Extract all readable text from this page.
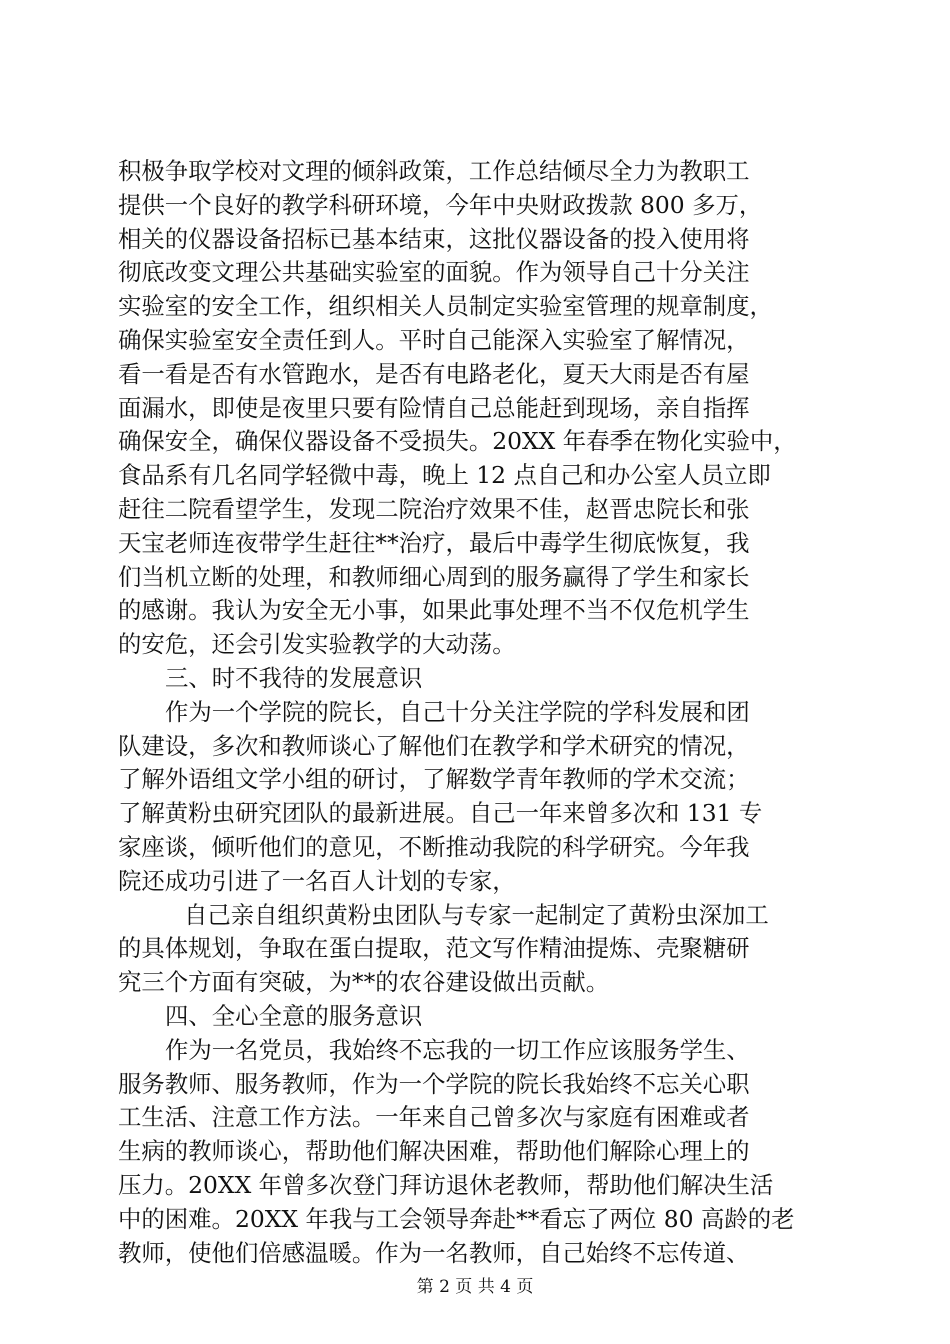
积极争取学校对文理的倾斜政策，工作总结倾尽全力为教职工
提供一个良好的教学科研环境，今年中央财政拨款 800 多万，
相关的仪器设备招标已基本结束，这批仪器设备的投入使用将
彻底改变文理公共基础实验室的面貌。作为领导自己十分关注
实验室的安全工作，组织相关人员制定实验室管理的规章制度，
确保实验室安全责任到人。平时自己能深入实验室了解情况，
看一看是否有水管跑水，是否有电路老化，夏天大雨是否有屋
面漏水，即使是夜里只要有险情自己总能赶到现场，亲自指挥
确保安全，确保仪器设备不受损失。20XX 年春季在物化实验中，
食品系有几名同学轻微中毒，晚上 12 点自己和办公室人员立即
赶往二院看望学生，发现二院治疗效果不佳，赵晋忠院长和张
天宝老师连夜带学生赶往**治疗，最后中毒学生彻底恢复，我
们当机立断的处理，和教师细心周到的服务赢得了学生和家长
的感谢。我认为安全无小事，如果此事处理不当不仅危机学生
的安危，还会引发实验教学的大动荡。
三、时不我待的发展意识
作为一个学院的院长，自己十分关注学院的学科发展和团
队建设，多次和教师谈心了解他们在教学和学术研究的情况，
了解外语组文学小组的研讨，了解数学青年教师的学术交流；
了解黄粉虫研究团队的最新进展。自己一年来曾多次和 131 专
家座谈，倾听他们的意见，不断推动我院的科学研究。今年我
院还成功引进了一名百人计划的专家，
自己亲自组织黄粉虫团队与专家一起制定了黄粉虫深加工
的具体规划，争取在蛋白提取，范文写作精油提炼、壳聚糖研
究三个方面有突破，为**的农谷建设做出贡献。
四、全心全意的服务意识
作为一名党员，我始终不忘我的一切工作应该服务学生、
服务教师、服务教师，作为一个学院的院长我始终不忘关心职
工生活、注意工作方法。一年来自己曾多次与家庭有困难或者
生病的教师谈心，帮助他们解决困难，帮助他们解除心理上的
压力。20XX 年曾多次登门拜访退休老教师，帮助他们解决生活
中的困难。20XX 年我与工会领导奔赴**看忘了两位 80 高龄的老
教师，使他们倍感温暖。作为一名教师，自己始终不忘传道、

第 2 页 共 4 页
